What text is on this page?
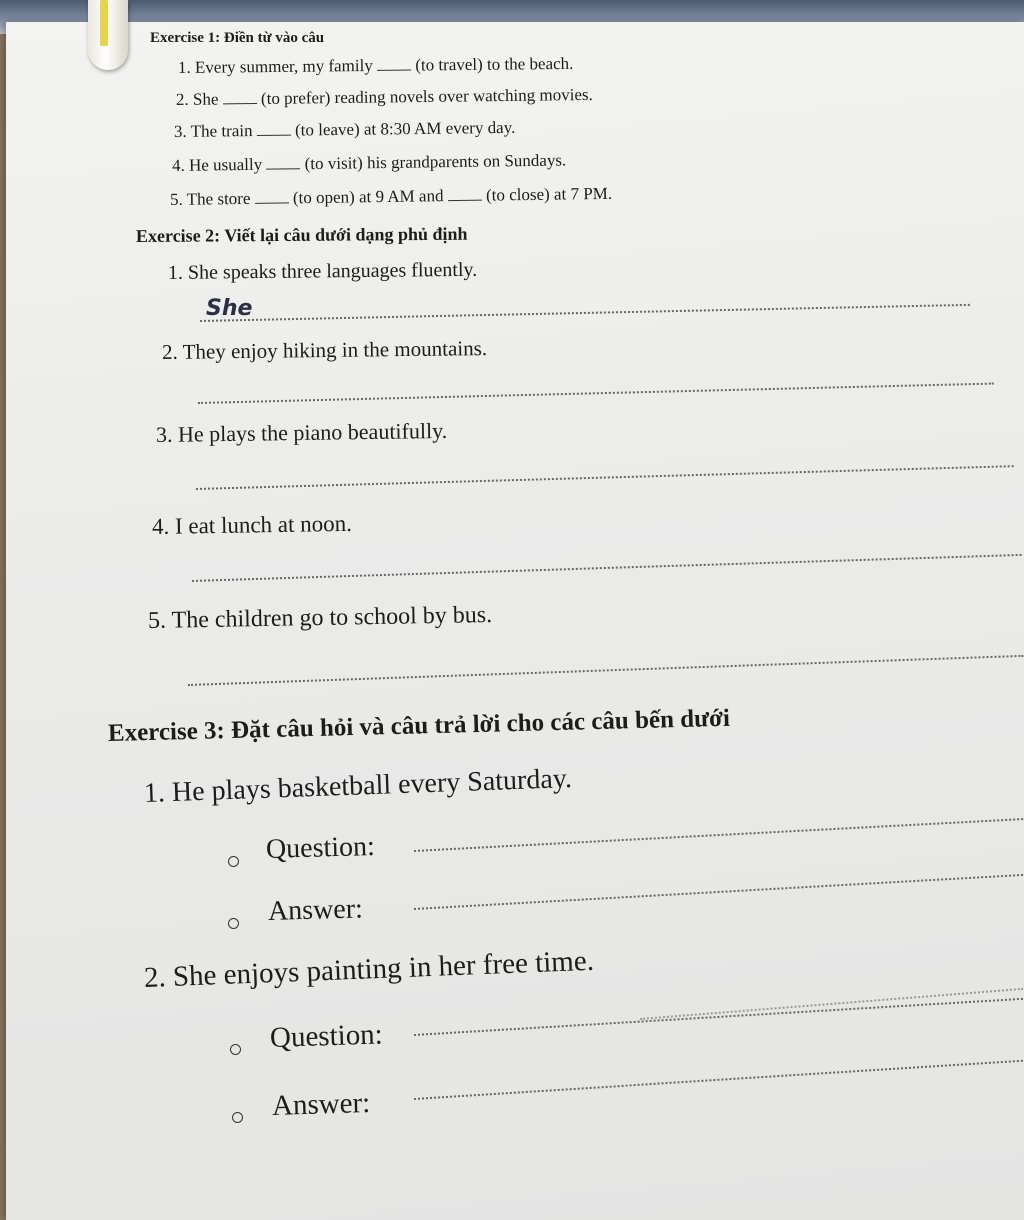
Exercise 1: Điền từ vào câu
1. Every summer, my family (to travel) to the beach.
2. She (to prefer) reading novels over watching movies.
3. The train (to leave) at 8:30 AM every day.
4. He usually (to visit) his grandparents on Sundays.
5. The store (to open) at 9 AM and (to close) at 7 PM.
Exercise 2: Viết lại câu dưới dạng phủ định
1. She speaks three languages fluently.
She
2. They enjoy hiking in the mountains.
3. He plays the piano beautifully.
4. I eat lunch at noon.
5. The children go to school by bus.
Exercise 3: Đặt câu hỏi và câu trả lời cho các câu bến dưới
1. He plays basketball every Saturday.
Question:
Answer:
2. She enjoys painting in her free time.
Question:
Answer:
